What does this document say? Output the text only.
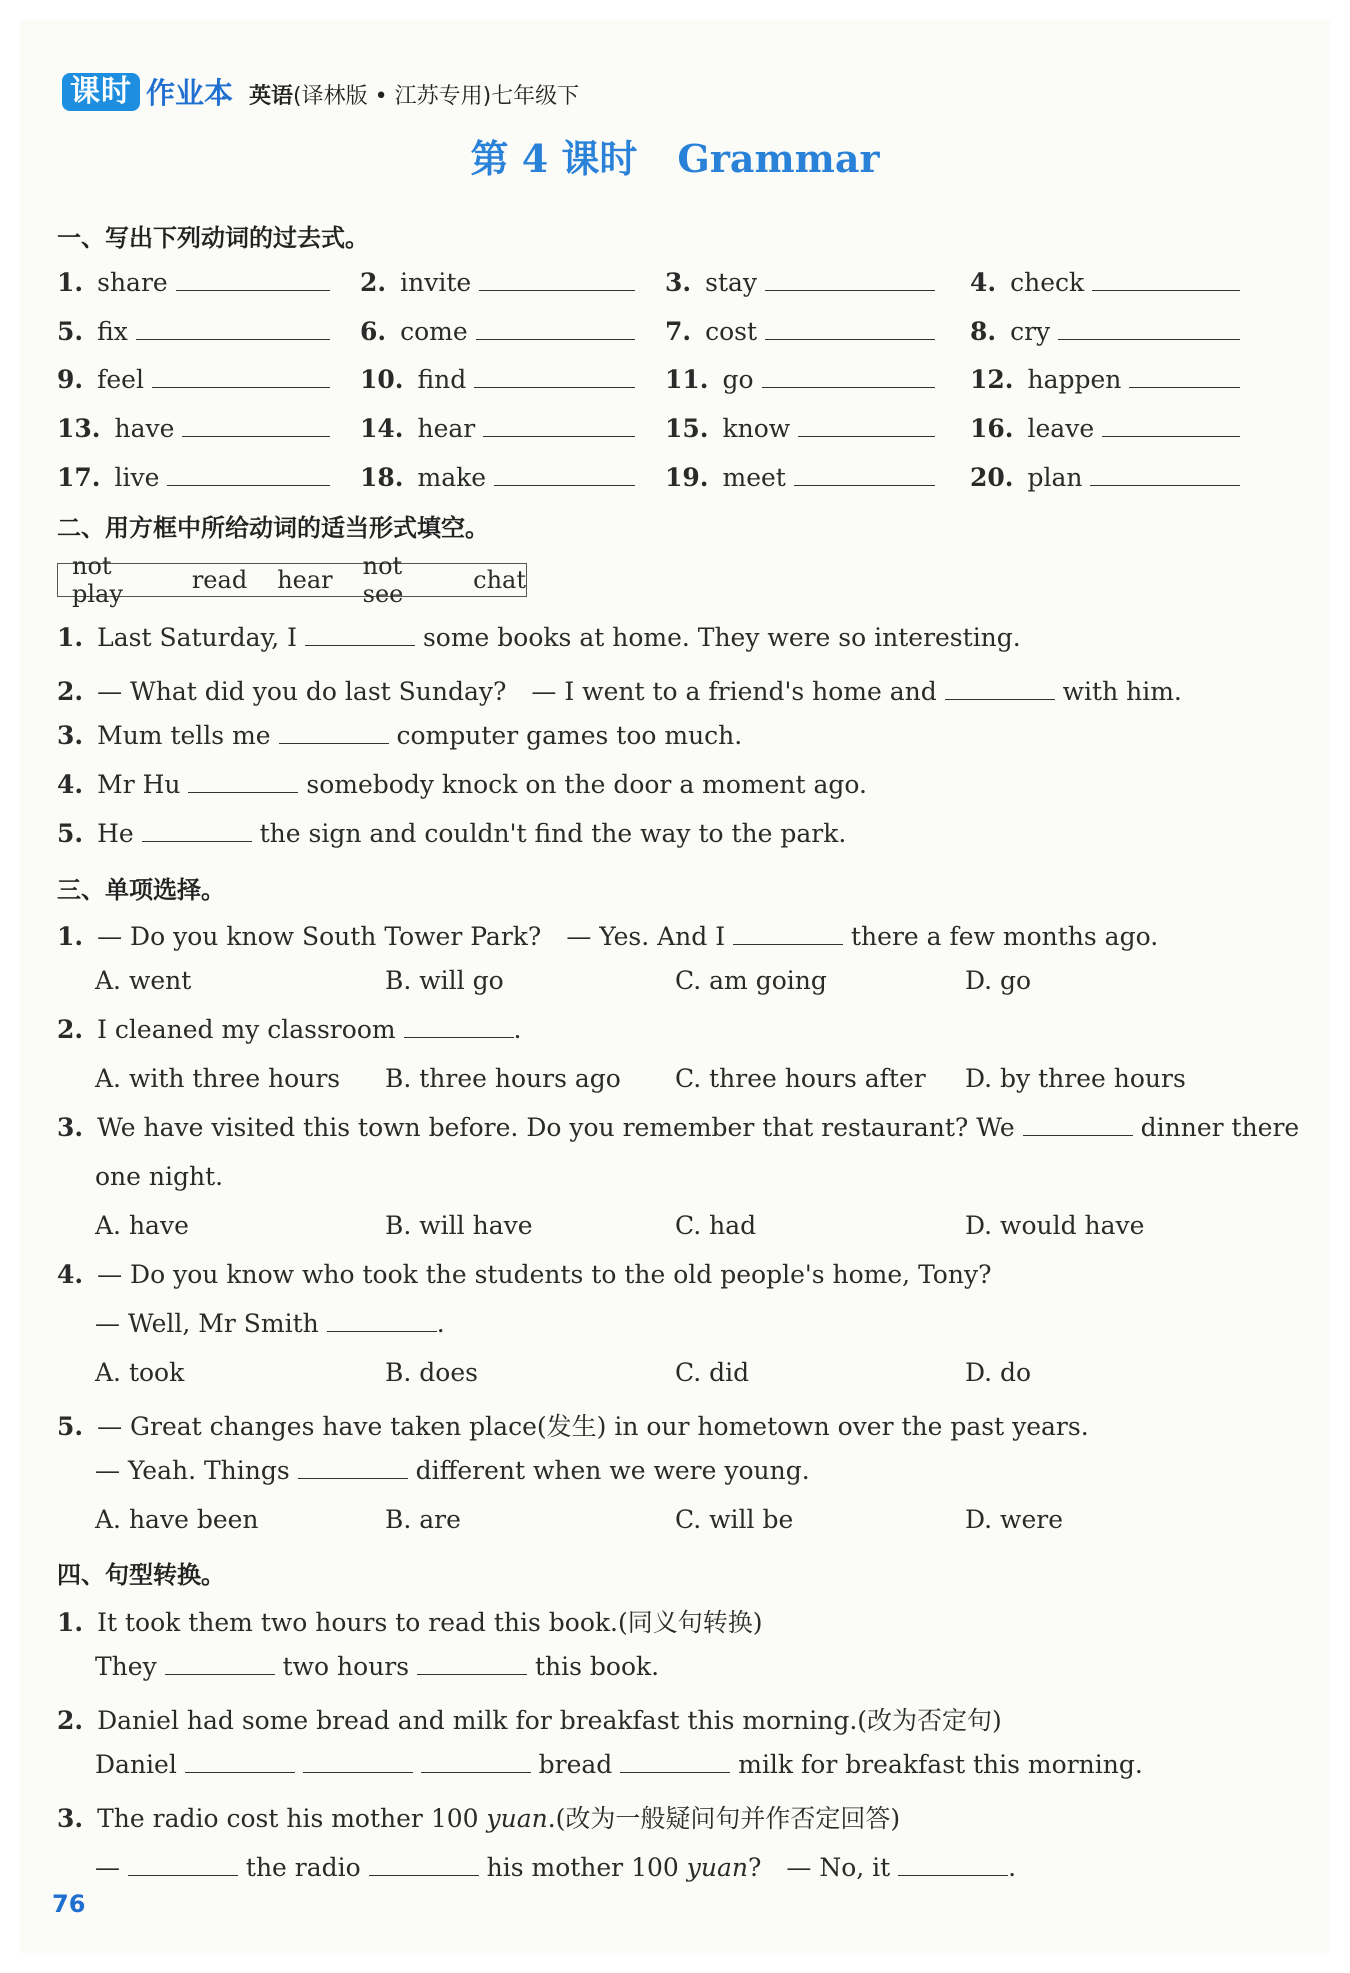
课时 作业本 英语(译林版 • 江苏专用)七年级下
第 4 课时 Grammar
一、写出下列动词的过去式。
1. share	2. invite	3. stay	4. check
5. fix	6. come	7. cost	8. cry
9. feel	10. find	11. go	12. happen
13. have	14. hear	15. know	16. leave
17. live	18. make	19. meet	20. plan
二、用方框中所给动词的适当形式填空。
not play	read hear not see	chat
1. Last Saturday, I	some books at home. They were so interesting.
2. — What did you do last Sunday?　— I went to a friend's home and	with him.
3. Mum tells me	computer games too much.
4. Mr Hu	somebody knock on the door a moment ago.
5. He	the sign and couldn't find the way to the park.
三、单项选择。
1. — Do you know South Tower Park?　— Yes. And I	there a few months ago.
A. went	B. will go	C. am going	D. go
2. I cleaned my classroom	.
A. with three hours B. three hours ago C. three hours after D. by three hours
3. We have visited this town before. Do you remember that restaurant? We	dinner there
one night.
A. have	B. will have	C. had	D. would have
4. — Do you know who took the students to the old people's home, Tony?
— Well, Mr Smith	.
A. took	B. does	C. did	D. do
5. — Great changes have taken place(发生) in our hometown over the past years.
— Yeah. Things	different when we were young.
A. have been	B. are	C. will be	D. were
四、句型转换。
1. It took them two hours to read this book.(同义句转换)
They	two hours	this book.
2. Daniel had some bread and milk for breakfast this morning.(改为否定句)
Daniel	bread	milk for breakfast this morning.
3. The radio cost his mother 100 yuan.(改为一般疑问句并作否定回答)
—	the radio	his mother 100 yuan?　 — No, it	.
76
